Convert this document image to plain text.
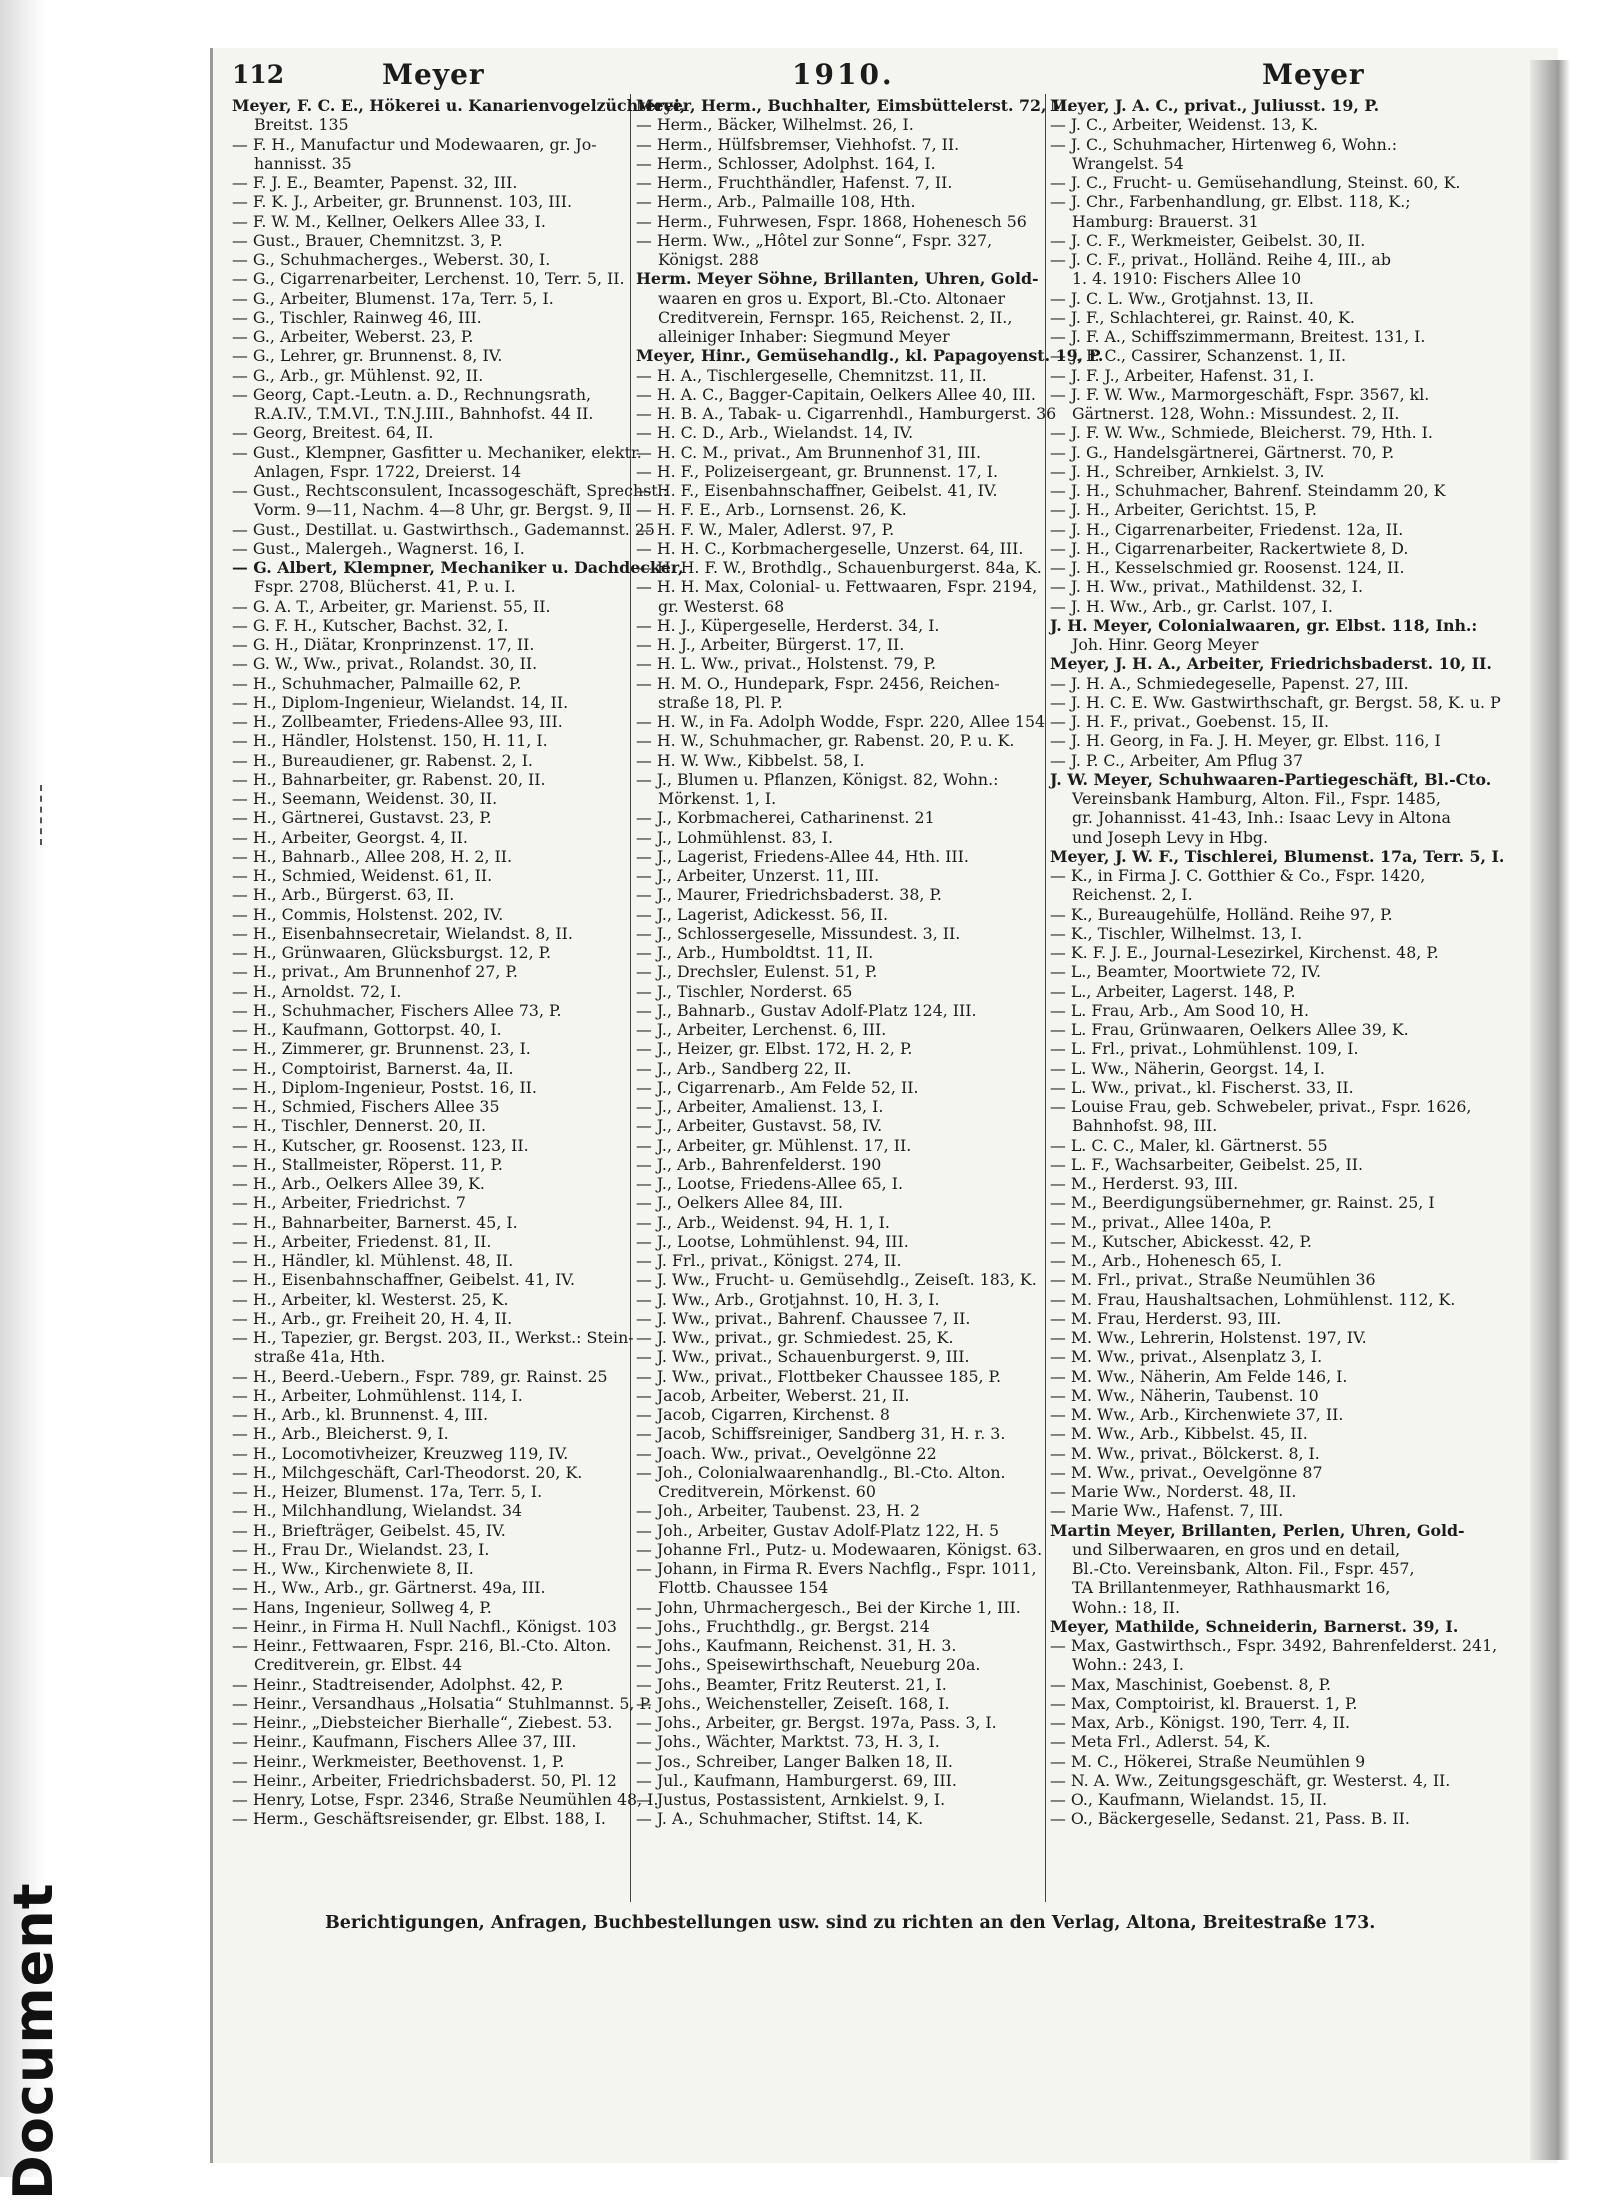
Document
112	Meyer	1910.	Meyer
Meyer, F. C. E., Hökerei u. Kanarienvogelzüchterei,
Breitst. 135
— F. H., Manufactur und Modewaaren, gr. Jo-
hannisst. 35
— F. J. E., Beamter, Papenst. 32, III.
— F. K. J., Arbeiter, gr. Brunnenst. 103, III.
— F. W. M., Kellner, Oelkers Allee 33, I.
— Gust., Brauer, Chemnitzst. 3, P.
— G., Schuhmacherges., Weberst. 30, I.
— G., Cigarrenarbeiter, Lerchenst. 10, Terr. 5, II.
— G., Arbeiter, Blumenst. 17a, Terr. 5, I.
— G., Tischler, Rainweg 46, III.
— G., Arbeiter, Weberst. 23, P.
— G., Lehrer, gr. Brunnenst. 8, IV.
— G., Arb., gr. Mühlenst. 92, II.
— Georg, Capt.-Leutn. a. D., Rechnungsrath,
R.A.IV., T.M.VI., T.N.J.III., Bahnhofst. 44 II.
— Georg, Breitest. 64, II.
— Gust., Klempner, Gasfitter u. Mechaniker, elektr.
Anlagen, Fspr. 1722, Dreierst. 14
— Gust., Rechtsconsulent, Incassogeschäft, Sprechst.:
Vorm. 9—11, Nachm. 4—8 Uhr, gr. Bergst. 9, II
— Gust., Destillat. u. Gastwirthsch., Gademannst. 25
— Gust., Malergeh., Wagnerst. 16, I.
— G. Albert, Klempner, Mechaniker u. Dachdecker,
Fspr. 2708, Blücherst. 41, P. u. I.
— G. A. T., Arbeiter, gr. Marienst. 55, II.
— G. F. H., Kutscher, Bachst. 32, I.
— G. H., Diätar, Kronprinzenst. 17, II.
— G. W., Ww., privat., Rolandst. 30, II.
— H., Schuhmacher, Palmaille 62, P.
— H., Diplom-Ingenieur, Wielandst. 14, II.
— H., Zollbeamter, Friedens-Allee 93, III.
— H., Händler, Holstenst. 150, H. 11, I.
— H., Bureaudiener, gr. Rabenst. 2, I.
— H., Bahnarbeiter, gr. Rabenst. 20, II.
— H., Seemann, Weidenst. 30, II.
— H., Gärtnerei, Gustavst. 23, P.
— H., Arbeiter, Georgst. 4, II.
— H., Bahnarb., Allee 208, H. 2, II.
— H., Schmied, Weidenst. 61, II.
— H., Arb., Bürgerst. 63, II.
— H., Commis, Holstenst. 202, IV.
— H., Eisenbahnsecretair, Wielandst. 8, II.
— H., Grünwaaren, Glücksburgst. 12, P.
— H., privat., Am Brunnenhof 27, P.
— H., Arnoldst. 72, I.
— H., Schuhmacher, Fischers Allee 73, P.
— H., Kaufmann, Gottorpst. 40, I.
— H., Zimmerer, gr. Brunnenst. 23, I.
— H., Comptoirist, Barnerst. 4a, II.
— H., Diplom-Ingenieur, Postst. 16, II.
— H., Schmied, Fischers Allee 35
— H., Tischler, Dennerst. 20, II.
— H., Kutscher, gr. Roosenst. 123, II.
— H., Stallmeister, Röperst. 11, P.
— H., Arb., Oelkers Allee 39, K.
— H., Arbeiter, Friedrichst. 7
— H., Bahnarbeiter, Barnerst. 45, I.
— H., Arbeiter, Friedenst. 81, II.
— H., Händler, kl. Mühlenst. 48, II.
— H., Eisenbahnschaffner, Geibelst. 41, IV.
— H., Arbeiter, kl. Westerst. 25, K.
— H., Arb., gr. Freiheit 20, H. 4, II.
— H., Tapezier, gr. Bergst. 203, II., Werkst.: Stein-
straße 41a, Hth.
— H., Beerd.-Uebern., Fspr. 789, gr. Rainst. 25
— H., Arbeiter, Lohmühlenst. 114, I.
— H., Arb., kl. Brunnenst. 4, III.
— H., Arb., Bleicherst. 9, I.
— H., Locomotivheizer, Kreuzweg 119, IV.
— H., Milchgeschäft, Carl-Theodorst. 20, K.
— H., Heizer, Blumenst. 17a, Terr. 5, I.
— H., Milchhandlung, Wielandst. 34
— H., Briefträger, Geibelst. 45, IV.
— H., Frau Dr., Wielandst. 23, I.
— H., Ww., Kirchenwiete 8, II.
— H., Ww., Arb., gr. Gärtnerst. 49a, III.
— Hans, Ingenieur, Sollweg 4, P.
— Heinr., in Firma H. Null Nachfl., Königst. 103
— Heinr., Fettwaaren, Fspr. 216, Bl.-Cto. Alton.
Creditverein, gr. Elbst. 44
— Heinr., Stadtreisender, Adolphst. 42, P.
— Heinr., Versandhaus „Holsatia“ Stuhlmannst. 5, P.
— Heinr., „Diebsteicher Bierhalle“, Ziebest. 53.
— Heinr., Kaufmann, Fischers Allee 37, III.
— Heinr., Werkmeister, Beethovenst. 1, P.
— Heinr., Arbeiter, Friedrichsbaderst. 50, Pl. 12
— Henry, Lotse, Fspr. 2346, Straße Neumühlen 48, I.
— Herm., Geschäftsreisender, gr. Elbst. 188, I.
Meyer, Herm., Buchhalter, Eimsbüttelerst. 72, II.
— Herm., Bäcker, Wilhelmst. 26, I.
— Herm., Hülfsbremser, Viehhofst. 7, II.
— Herm., Schlosser, Adolphst. 164, I.
— Herm., Fruchthändler, Hafenst. 7, II.
— Herm., Arb., Palmaille 108, Hth.
— Herm., Fuhrwesen, Fspr. 1868, Hohenesch 56
— Herm. Ww., „Hôtel zur Sonne“, Fspr. 327,
Königst. 288
Herm. Meyer Söhne, Brillanten, Uhren, Gold-
waaren en gros u. Export, Bl.-Cto. Altonaer
Creditverein, Fernspr. 165, Reichenst. 2, II.,
alleiniger Inhaber: Siegmund Meyer
Meyer, Hinr., Gemüsehandlg., kl. Papagoyenst. 19, P.
— H. A., Tischlergeselle, Chemnitzst. 11, II.
— H. A. C., Bagger-Capitain, Oelkers Allee 40, III.
— H. B. A., Tabak- u. Cigarrenhdl., Hamburgerst. 36
— H. C. D., Arb., Wielandst. 14, IV.
— H. C. M., privat., Am Brunnenhof 31, III.
— H. F., Polizeisergeant, gr. Brunnenst. 17, I.
— H. F., Eisenbahnschaffner, Geibelst. 41, IV.
— H. F. E., Arb., Lornsenst. 26, K.
— H. F. W., Maler, Adlerst. 97, P.
— H. H. C., Korbmachergeselle, Unzerst. 64, III.
— H. H. F. W., Brothdlg., Schauenburgerst. 84a, K.
— H. H. Max, Colonial- u. Fettwaaren, Fspr. 2194,
gr. Westerst. 68
— H. J., Küpergeselle, Herderst. 34, I.
— H. J., Arbeiter, Bürgerst. 17, II.
— H. L. Ww., privat., Holstenst. 79, P.
— H. M. O., Hundepark, Fspr. 2456, Reichen-
straße 18, Pl. P.
— H. W., in Fa. Adolph Wodde, Fspr. 220, Allee 154
— H. W., Schuhmacher, gr. Rabenst. 20, P. u. K.
— H. W. Ww., Kibbelst. 58, I.
— J., Blumen u. Pflanzen, Königst. 82, Wohn.:
Mörkenst. 1, I.
— J., Korbmacherei, Catharinenst. 21
— J., Lohmühlenst. 83, I.
— J., Lagerist, Friedens-Allee 44, Hth. III.
— J., Arbeiter, Unzerst. 11, III.
— J., Maurer, Friedrichsbaderst. 38, P.
— J., Lagerist, Adickesst. 56, II.
— J., Schlossergeselle, Missundest. 3, II.
— J., Arb., Humboldtst. 11, II.
— J., Drechsler, Eulenst. 51, P.
— J., Tischler, Norderst. 65
— J., Bahnarb., Gustav Adolf-Platz 124, III.
— J., Arbeiter, Lerchenst. 6, III.
— J., Heizer, gr. Elbst. 172, H. 2, P.
— J., Arb., Sandberg 22, II.
— J., Cigarrenarb., Am Felde 52, II.
— J., Arbeiter, Amalienst. 13, I.
— J., Arbeiter, Gustavst. 58, IV.
— J., Arbeiter, gr. Mühlenst. 17, II.
— J., Arb., Bahrenfelderst. 190
— J., Lootse, Friedens-Allee 65, I.
— J., Oelkers Allee 84, III.
— J., Arb., Weidenst. 94, H. 1, I.
— J., Lootse, Lohmühlenst. 94, III.
— J. Frl., privat., Königst. 274, II.
— J. Ww., Frucht- u. Gemüsehdlg., Zeiseſt. 183, K.
— J. Ww., Arb., Grotjahnst. 10, H. 3, I.
— J. Ww., privat., Bahrenf. Chaussee 7, II.
— J. Ww., privat., gr. Schmiedest. 25, K.
— J. Ww., privat., Schauenburgerst. 9, III.
— J. Ww., privat., Flottbeker Chaussee 185, P.
— Jacob, Arbeiter, Weberst. 21, II.
— Jacob, Cigarren, Kirchenst. 8
— Jacob, Schiffsreiniger, Sandberg 31, H. r. 3.
— Joach. Ww., privat., Oevelgönne 22
— Joh., Colonialwaarenhandlg., Bl.-Cto. Alton.
Creditverein, Mörkenst. 60
— Joh., Arbeiter, Taubenst. 23, H. 2
— Joh., Arbeiter, Gustav Adolf-Platz 122, H. 5
— Johanne Frl., Putz- u. Modewaaren, Königst. 63.
— Johann, in Firma R. Evers Nachflg., Fspr. 1011,
Flottb. Chaussee 154
— John, Uhrmachergesch., Bei der Kirche 1, III.
— Johs., Fruchthdlg., gr. Bergst. 214
— Johs., Kaufmann, Reichenst. 31, H. 3.
— Johs., Speisewirthschaft, Neueburg 20a.
— Johs., Beamter, Fritz Reuterst. 21, I.
— Johs., Weichensteller, Zeiseſt. 168, I.
— Johs., Arbeiter, gr. Bergst. 197a, Pass. 3, I.
— Johs., Wächter, Marktst. 73, H. 3, I.
— Jos., Schreiber, Langer Balken 18, II.
— Jul., Kaufmann, Hamburgerst. 69, III.
— Justus, Postassistent, Arnkielst. 9, I.
— J. A., Schuhmacher, Stiftst. 14, K.
Meyer, J. A. C., privat., Juliusst. 19, P.
— J. C., Arbeiter, Weidenst. 13, K.
— J. C., Schuhmacher, Hirtenweg 6, Wohn.:
Wrangelst. 54
— J. C., Frucht- u. Gemüsehandlung, Steinst. 60, K.
— J. Chr., Farbenhandlung, gr. Elbst. 118, K.;
Hamburg: Brauerst. 31
— J. C. F., Werkmeister, Geibelst. 30, II.
— J. C. F., privat., Holländ. Reihe 4, III., ab
1. 4. 1910: Fischers Allee 10
— J. C. L. Ww., Grotjahnst. 13, II.
— J. F., Schlachterei, gr. Rainst. 40, K.
— J. F. A., Schiffszimmermann, Breitest. 131, I.
— J. F. C., Cassirer, Schanzenst. 1, II.
— J. F. J., Arbeiter, Hafenst. 31, I.
— J. F. W. Ww., Marmorgeschäft, Fspr. 3567, kl.
Gärtnerst. 128, Wohn.: Missundest. 2, II.
— J. F. W. Ww., Schmiede, Bleicherst. 79, Hth. I.
— J. G., Handelsgärtnerei, Gärtnerst. 70, P.
— J. H., Schreiber, Arnkielst. 3, IV.
— J. H., Schuhmacher, Bahrenf. Steindamm 20, K
— J. H., Arbeiter, Gerichtst. 15, P.
— J. H., Cigarrenarbeiter, Friedenst. 12a, II.
— J. H., Cigarrenarbeiter, Rackertwiete 8, D.
— J. H., Kesselschmied gr. Roosenst. 124, II.
— J. H. Ww., privat., Mathildenst. 32, I.
— J. H. Ww., Arb., gr. Carlst. 107, I.
J. H. Meyer, Colonialwaaren, gr. Elbst. 118, Inh.:
Joh. Hinr. Georg Meyer
Meyer, J. H. A., Arbeiter, Friedrichsbaderst. 10, II.
— J. H. A., Schmiedegeselle, Papenst. 27, III.
— J. H. C. E. Ww. Gastwirthschaft, gr. Bergst. 58, K. u. P
— J. H. F., privat., Goebenst. 15, II.
— J. H. Georg, in Fa. J. H. Meyer, gr. Elbst. 116, I
— J. P. C., Arbeiter, Am Pflug 37
J. W. Meyer, Schuhwaaren-Partiegeschäft, Bl.-Cto.
Vereinsbank Hamburg, Alton. Fil., Fspr. 1485,
gr. Johannisst. 41-43, Inh.: Isaac Levy in Altona
und Joseph Levy in Hbg.
Meyer, J. W. F., Tischlerei, Blumenst. 17a, Terr. 5, I.
— K., in Firma J. C. Gotthier & Co., Fspr. 1420,
Reichenst. 2, I.
— K., Bureaugehülfe, Holländ. Reihe 97, P.
— K., Tischler, Wilhelmst. 13, I.
— K. F. J. E., Journal-Lesezirkel, Kirchenst. 48, P.
— L., Beamter, Moortwiete 72, IV.
— L., Arbeiter, Lagerst. 148, P.
— L. Frau, Arb., Am Sood 10, H.
— L. Frau, Grünwaaren, Oelkers Allee 39, K.
— L. Frl., privat., Lohmühlenst. 109, I.
— L. Ww., Näherin, Georgst. 14, I.
— L. Ww., privat., kl. Fischerst. 33, II.
— Louise Frau, geb. Schwebeler, privat., Fspr. 1626,
Bahnhofst. 98, III.
— L. C. C., Maler, kl. Gärtnerst. 55
— L. F., Wachsarbeiter, Geibelst. 25, II.
— M., Herderst. 93, III.
— M., Beerdigungsübernehmer, gr. Rainst. 25, I
— M., privat., Allee 140a, P.
— M., Kutscher, Abickesst. 42, P.
— M., Arb., Hohenesch 65, I.
— M. Frl., privat., Straße Neumühlen 36
— M. Frau, Haushaltsachen, Lohmühlenst. 112, K.
— M. Frau, Herderst. 93, III.
— M. Ww., Lehrerin, Holstenst. 197, IV.
— M. Ww., privat., Alsenplatz 3, I.
— M. Ww., Näherin, Am Felde 146, I.
— M. Ww., Näherin, Taubenst. 10
— M. Ww., Arb., Kirchenwiete 37, II.
— M. Ww., Arb., Kibbelst. 45, II.
— M. Ww., privat., Bölckerst. 8, I.
— M. Ww., privat., Oevelgönne 87
— Marie Ww., Norderst. 48, II.
— Marie Ww., Hafenst. 7, III.
Martin Meyer, Brillanten, Perlen, Uhren, Gold-
und Silberwaaren, en gros und en detail,
Bl.-Cto. Vereinsbank, Alton. Fil., Fspr. 457,
TA Brillantenmeyer, Rathhausmarkt 16,
Wohn.: 18, II.
Meyer, Mathilde, Schneiderin, Barnerst. 39, I.
— Max, Gastwirthsch., Fspr. 3492, Bahrenfelderst. 241,
Wohn.: 243, I.
— Max, Maschinist, Goebenst. 8, P.
— Max, Comptoirist, kl. Brauerst. 1, P.
— Max, Arb., Königst. 190, Terr. 4, II.
— Meta Frl., Adlerst. 54, K.
— M. C., Hökerei, Straße Neumühlen 9
— N. A. Ww., Zeitungsgeschäft, gr. Westerst. 4, II.
— O., Kaufmann, Wielandst. 15, II.
— O., Bäckergeselle, Sedanst. 21, Pass. B. II.
Berichtigungen, Anfragen, Buchbestellungen usw. sind zu richten an den Verlag, Altona, Breitestraße 173.
